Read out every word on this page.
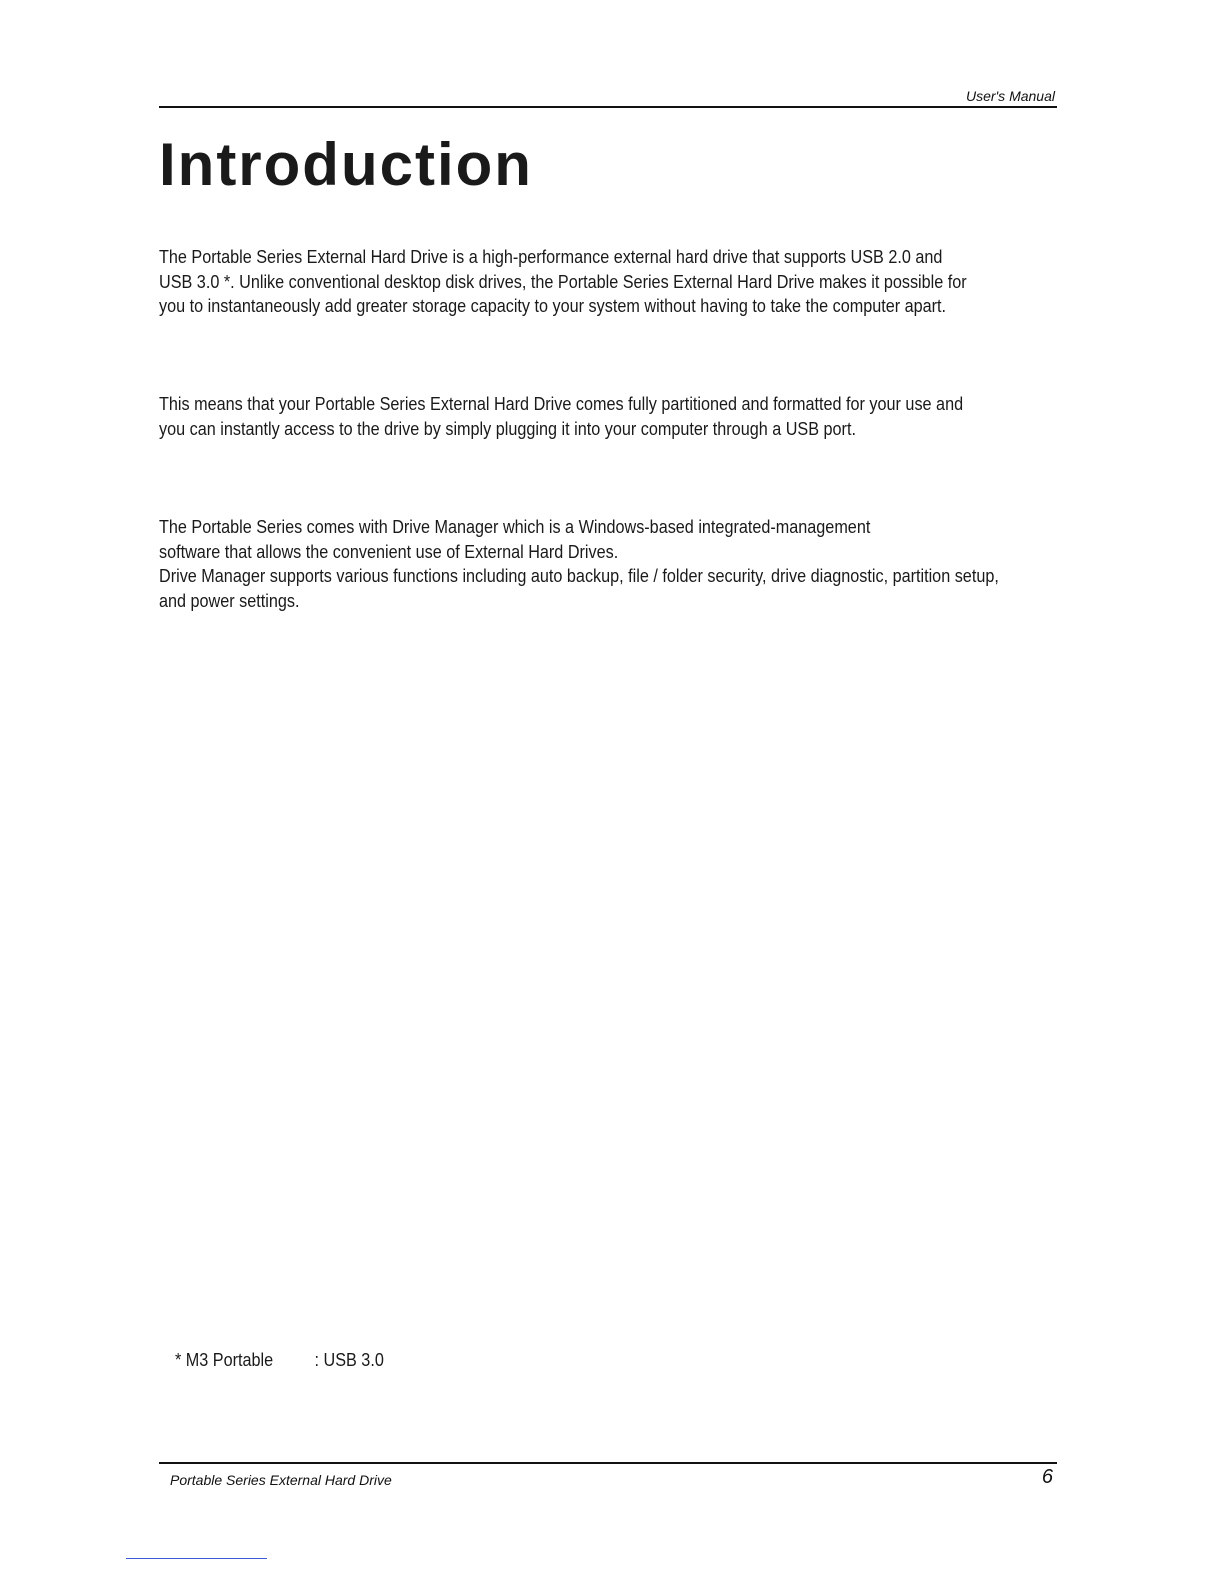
User's Manual
Introduction
The Portable Series External Hard Drive is a high-performance external hard drive that supports USB 2.0 and
USB 3.0 *. Unlike conventional desktop disk drives, the Portable Series External Hard Drive makes it possible for
you to instantaneously add greater storage capacity to your system without having to take the computer apart.
This means that your Portable Series External Hard Drive comes fully partitioned and formatted for your use and
you can instantly access to the drive by simply plugging it into your computer through a USB port.
The Portable Series comes with Drive Manager which is a Windows-based integrated-management
software that allows the convenient use of External Hard Drives.
Drive Manager supports various functions including auto backup, file / folder security, drive diagnostic, partition setup,
and power settings.
* M3 Portable : USB 3.0
Portable Series External Hard Drive	6
